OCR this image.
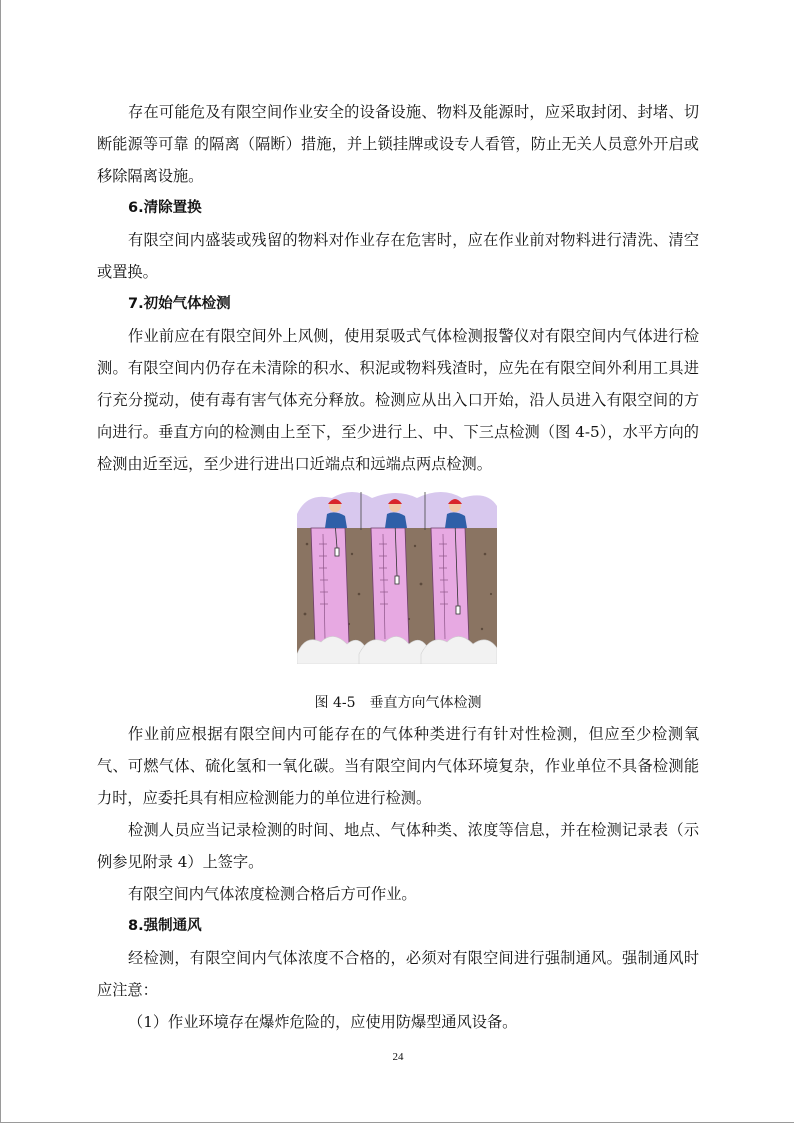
存在可能危及有限空间作业安全的设备设施、物料及能源时，应采取封闭、封堵、切断能源等可靠 的隔离（隔断）措施，并上锁挂牌或设专人看管，防止无关人员意外开启或移除隔离设施。

6.清除置换

有限空间内盛装或残留的物料对作业存在危害时，应在作业前对物料进行清洗、清空或置换。

7.初始气体检测

作业前应在有限空间外上风侧，使用泵吸式气体检测报警仪对有限空间内气体进行检测。有限空间内仍存在未清除的积水、积泥或物料残渣时，应先在有限空间外利用工具进行充分搅动，使有毒有害气体充分释放。检测应从出入口开始，沿人员进入有限空间的方向进行。垂直方向的检测由上至下，至少进行上、中、下三点检测（图 4-5），水平方向的检测由近至远，至少进行进出口近端点和远端点两点检测。

图 4-5　垂直方向气体检测

作业前应根据有限空间内可能存在的气体种类进行有针对性检测，但应至少检测氧气、可燃气体、硫化氢和一氧化碳。当有限空间内气体环境复杂，作业单位不具备检测能力时，应委托具有相应检测能力的单位进行检测。

检测人员应当记录检测的时间、地点、气体种类、浓度等信息，并在检测记录表（示例参见附录 4）上签字。

有限空间内气体浓度检测合格后方可作业。

8.强制通风

经检测，有限空间内气体浓度不合格的，必须对有限空间进行强制通风。强制通风时应注意：

（1）作业环境存在爆炸危险的，应使用防爆型通风设备。

24
